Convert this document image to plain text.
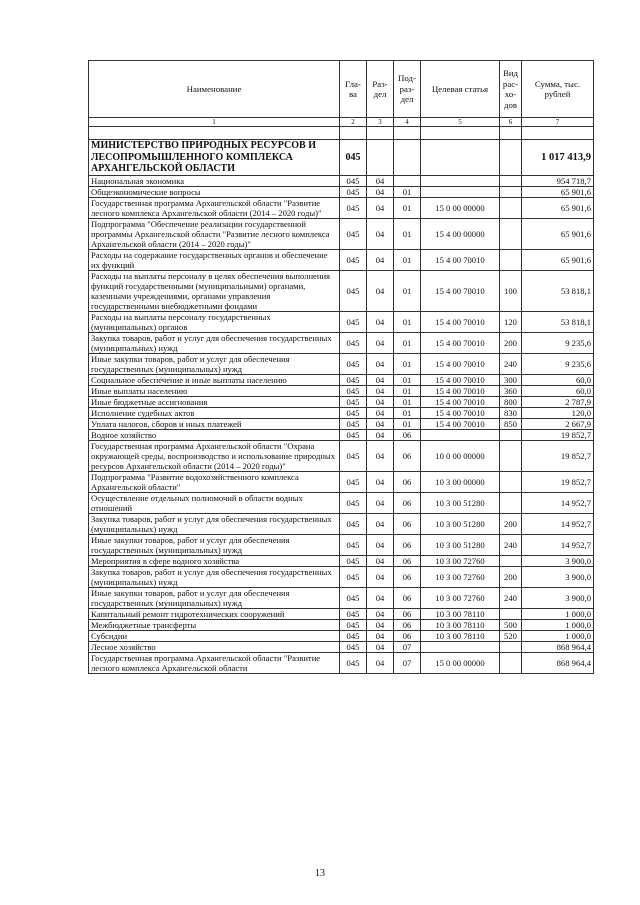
Наименование	Гла-ва	Раз-дел	Под-раз-дел	Целевая статья	Вид рас-хо-дов	Сумма, тыс. рублей
1	2	3	4	5	6	7

МИНИСТЕРСТВО ПРИРОДНЫХ РЕСУРСОВ И ЛЕСОПРОМЫШЛЕННОГО КОМПЛЕКСА АРХАНГЕЛЬСКОЙ ОБЛАСТИ	045					1 017 413,9
Национальная экономика	045	04				954 718,7
Общеэкономические вопросы	045	04	01			65 901,6
Государственная программа Архангельской области "Развитие лесного комплекса Архангельской области (2014 – 2020 годы)"	045	04	01	15 0 00 00000		65 901,6
Подпрограмма "Обеспечение реализации государственной программы Архангельской области "Развитие лесного комплекса Архангельской области (2014 – 2020 годы)"	045	04	01	15 4 00 00000		65 901,6
Расходы на содержание государственных органов и обеспечение их функций	045	04	01	15 4 00 70010		65 901,6
Расходы на выплаты персоналу в целях обеспечения выполнения функций государственными (муниципальными) органами, казенными учреждениями, органами управления государственными внебюджетными фондами	045	04	01	15 4 00 70010	100	53 818,1
Расходы на выплаты персоналу государственных (муниципальных) органов	045	04	01	15 4 00 70010	120	53 818,1
Закупка товаров, работ и услуг для обеспечения государственных (муниципальных) нужд	045	04	01	15 4 00 70010	200	9 235,6
Иные закупки товаров, работ и услуг для обеспечения государственных (муниципальных) нужд	045	04	01	15 4 00 70010	240	9 235,6
Социальное обеспечение и иные выплаты населению	045	04	01	15 4 00 70010	300	60,0
Иные выплаты населению	045	04	01	15 4 00 70010	360	60,0
Иные бюджетные ассигнования	045	04	01	15 4 00 70010	800	2 787,9
Исполнение судебных актов	045	04	01	15 4 00 70010	830	120,0
Уплата налогов, сборов и иных платежей	045	04	01	15 4 00 70010	850	2 667,9
Водное хозяйство	045	04	06			19 852,7
Государственная программа Архангельской области "Охрана окружающей среды, воспроизводство и использование природных ресурсов Архангельской области (2014 – 2020 годы)"	045	04	06	10 0 00 00000		19 852,7
Подпрограмма "Развитие водохозяйственного комплекса Архангельской области"	045	04	06	10 3 00 00000		19 852,7
Осуществление отдельных полномочий в области водных отношений	045	04	06	10 3 00 51280		14 952,7
Закупка товаров, работ и услуг для обеспечения государственных (муниципальных) нужд	045	04	06	10 3 00 51280	200	14 952,7
Иные закупки товаров, работ и услуг для обеспечения государственных (муниципальных) нужд	045	04	06	10 3 00 51280	240	14 952,7
Мероприятия в сфере водного хозяйства	045	04	06	10 3 00 72760		3 900,0
Закупка товаров, работ и услуг для обеспечения государственных (муниципальных) нужд	045	04	06	10 3 00 72760	200	3 900,0
Иные закупки товаров, работ и услуг для обеспечения государственных (муниципальных) нужд	045	04	06	10 3 00 72760	240	3 900,0
Капитальный ремонт гидротехнических сооружений	045	04	06	10 3 00 78110		1 000,0
Межбюджетные трансферты	045	04	06	10 3 00 78110	500	1 000,0
Субсидии	045	04	06	10 3 00 78110	520	1 000,0
Лесное хозяйство	045	04	07			868 964,4
Государственная программа Архангельской области "Развитие лесного комплекса Архангельской области	045	04	07	15 0 00 00000		868 964,4
13
